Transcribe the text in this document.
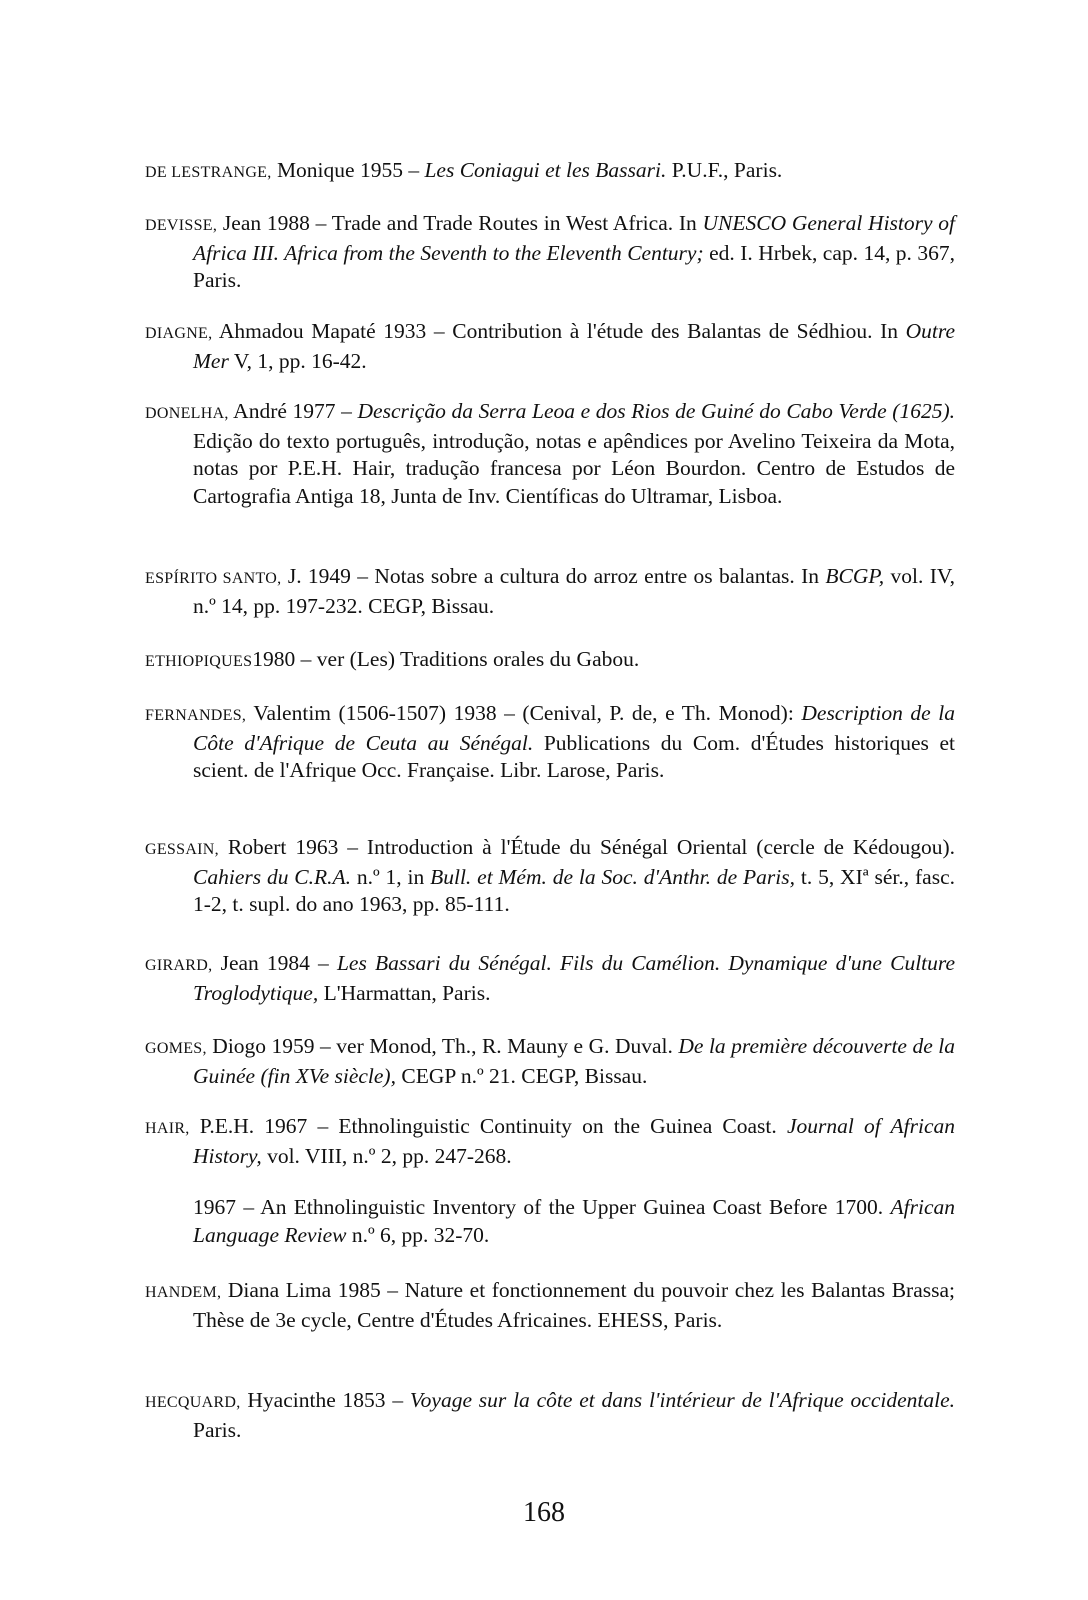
DE LESTRANGE, Monique 1955 – Les Coniagui et les Bassari. P.U.F., Paris.
DEVISSE, Jean 1988 – Trade and Trade Routes in West Africa. In UNESCO General History of Africa III. Africa from the Seventh to the Eleventh Century; ed. I. Hrbek, cap. 14, p. 367, Paris.
DIAGNE, Ahmadou Mapaté 1933 – Contribution à l'étude des Balantas de Sédhiou. In Outre Mer V, 1, pp. 16-42.
DONELHA, André 1977 – Descrição da Serra Leoa e dos Rios de Guiné do Cabo Verde (1625). Edição do texto português, introdução, notas e apêndices por Avelino Teixeira da Mota, notas por P.E.H. Hair, tradução francesa por Léon Bourdon. Centro de Estudos de Cartografia Antiga 18, Junta de Inv. Científicas do Ultramar, Lisboa.
ESPÍRITO SANTO, J. 1949 – Notas sobre a cultura do arroz entre os balantas. In BCGP, vol. IV, n.º 14, pp. 197-232. CEGP, Bissau.
ETHIOPIQUES1980 – ver (Les) Traditions orales du Gabou.
FERNANDES, Valentim (1506-1507) 1938 – (Cenival, P. de, e Th. Monod): Description de la Côte d'Afrique de Ceuta au Sénégal. Publications du Com. d'Études historiques et scient. de l'Afrique Occ. Française. Libr. Larose, Paris.
GESSAIN, Robert 1963 – Introduction à l'Étude du Sénégal Oriental (cercle de Kédougou). Cahiers du C.R.A. n.º 1, in Bull. et Mém. de la Soc. d'Anthr. de Paris, t. 5, XIª sér., fasc. 1-2, t. supl. do ano 1963, pp. 85-111.
GIRARD, Jean 1984 – Les Bassari du Sénégal. Fils du Camélion. Dynamique d'une Culture Troglodytique, L'Harmattan, Paris.
GOMES, Diogo 1959 – ver Monod, Th., R. Mauny e G. Duval. De la première découverte de la Guinée (fin XVe siècle), CEGP n.º 21. CEGP, Bissau.
HAIR, P.E.H. 1967 – Ethnolinguistic Continuity on the Guinea Coast. Journal of African History, vol. VIII, n.º 2, pp. 247-268.
1967 – An Ethnolinguistic Inventory of the Upper Guinea Coast Before 1700. African Language Review n.º 6, pp. 32-70.
HANDEM, Diana Lima 1985 – Nature et fonctionnement du pouvoir chez les Balantas Brassa; Thèse de 3e cycle, Centre d'Études Africaines. EHESS, Paris.
HECQUARD, Hyacinthe 1853 – Voyage sur la côte et dans l'intérieur de l'Afrique occidentale. Paris.
168
